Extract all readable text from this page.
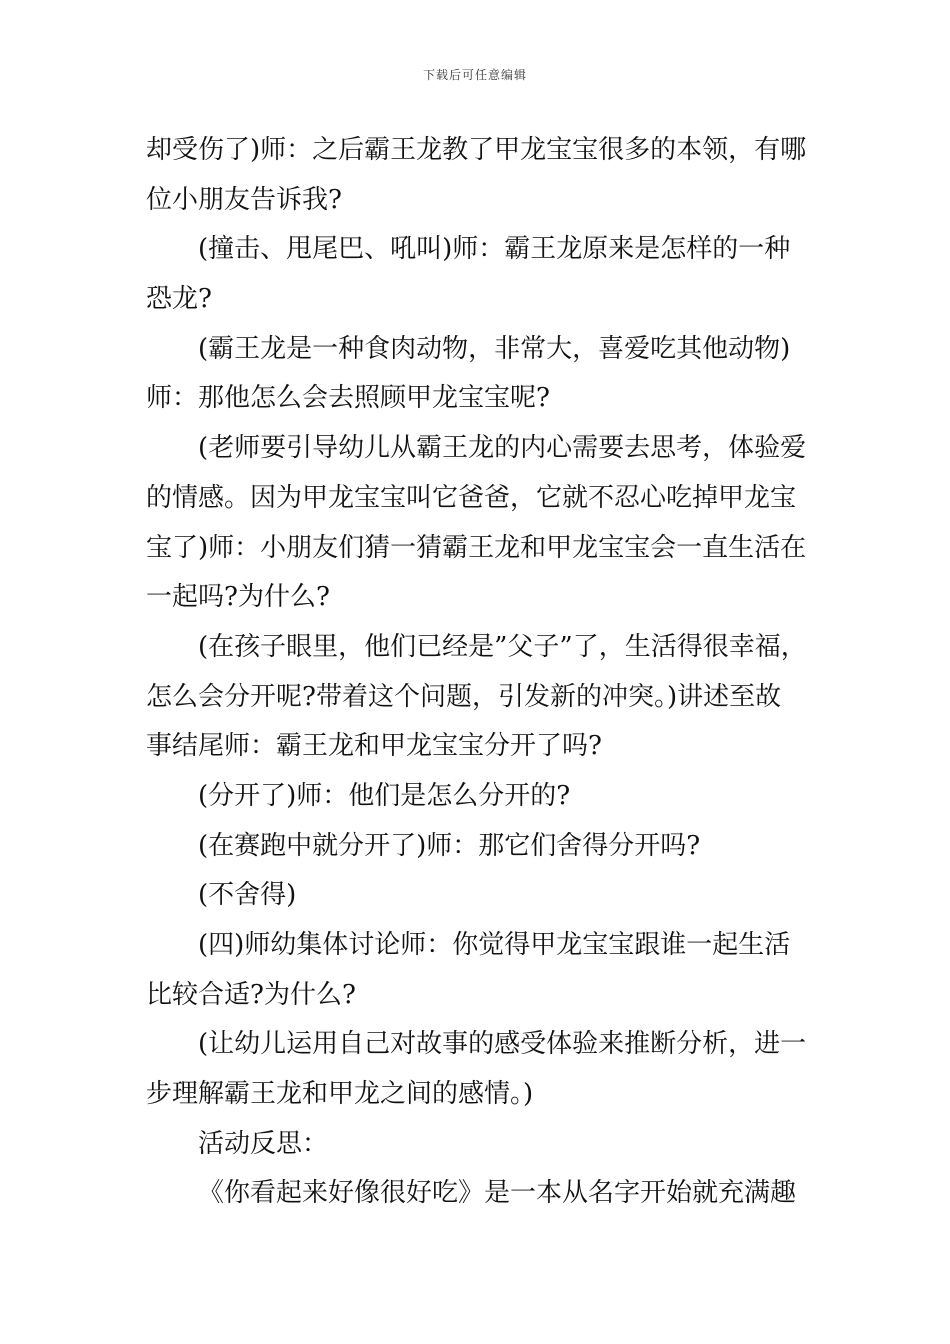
下载后可任意编辑
却受伤了)师：之后霸王龙教了甲龙宝宝很多的本领，有哪
位小朋友告诉我?
(撞击、甩尾巴、吼叫)师：霸王龙原来是怎样的一种
恐龙?
(霸王龙是一种食肉动物，非常大，喜爱吃其他动物)
师：那他怎么会去照顾甲龙宝宝呢?
(老师要引导幼儿从霸王龙的内心需要去思考，体验爱
的情感。因为甲龙宝宝叫它爸爸，它就不忍心吃掉甲龙宝
宝了)师：小朋友们猜一猜霸王龙和甲龙宝宝会一直生活在
一起吗?为什么?
(在孩子眼里，他们已经是”父子”了，生活得很幸福，
怎么会分开呢?带着这个问题，引发新的冲突。)讲述至故
事结尾师：霸王龙和甲龙宝宝分开了吗?
(分开了)师：他们是怎么分开的?
(在赛跑中就分开了)师：那它们舍得分开吗?
(不舍得)
(四)师幼集体讨论师：你觉得甲龙宝宝跟谁一起生活
比较合适?为什么?
(让幼儿运用自己对故事的感受体验来推断分析，进一
步理解霸王龙和甲龙之间的感情。)
活动反思：
《你看起来好像很好吃》是一本从名字开始就充满趣
